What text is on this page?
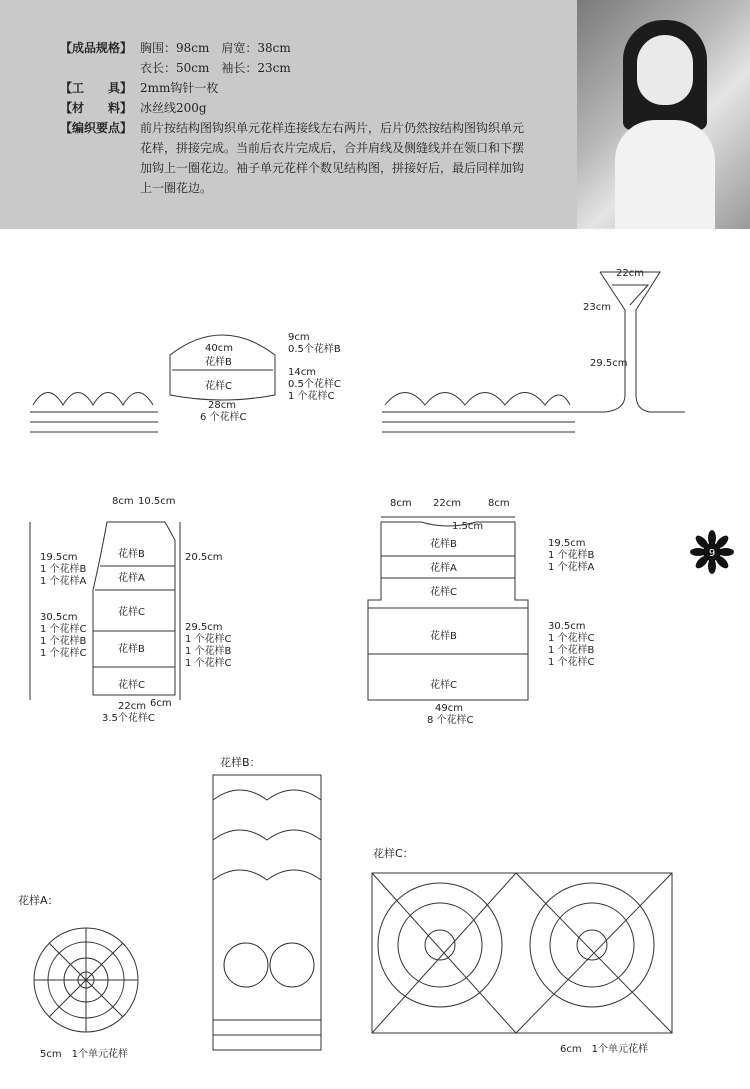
【成品规格】 胸围：98cm　肩宽：38cm
衣长：50cm　袖长：23cm
【工　　具】 2mm钩针一枚
【材　　料】 冰丝线200g
【编织要点】 前片按结构图钩织单元花样连接线左右两片，后片仍然按结构图钩织单元花样，拼接完成。当前后衣片完成后，合并肩线及侧缝线并在领口和下摆加钩上一圈花边。袖子单元花样个数见结构图，拼接好后，最后同样加钩上一圈花边。
40cm
花样B
花样C
28cm
6 个花样C
9cm
0.5个花样B
14cm
0.5个花样C
1 个花样C
22cm
23cm
29.5cm
8cm 10.5cm
20.5cm
19.5cm
1 个花样B
1 个花样A
30.5cm
1 个花样C
1 个花样B
1 个花样C
29.5cm
1 个花样C
1 个花样B
1 个花样C
花样B
花样A
花样C
花样B
花样C
22cm 6cm
3.5个花样C
8cm 22cm	8cm
1.5cm
花样B
花样A
花样C
花样B
花样C
19.5cm
1 个花样B
1 个花样A
30.5cm
1 个花样C
1 个花样B
1 个花样C
49cm
8 个花样C
花样A：
5cm　1个单元花样
花样B：
花样C：
6cm　1个单元花样
9
